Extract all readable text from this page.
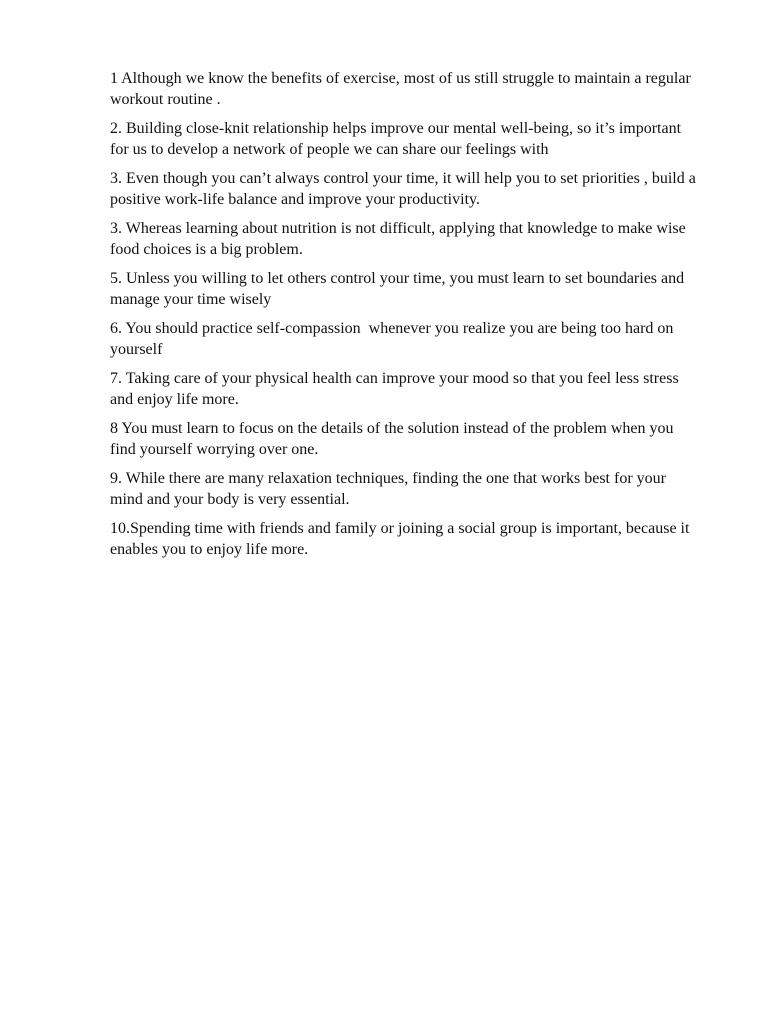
1 Although we know the benefits of exercise, most of us still struggle to maintain a regular workout routine .

2. Building close-knit relationship helps improve our mental well-being, so it’s important for us to develop a network of people we can share our feelings with

3. Even though you can’t always control your time, it will help you to set priorities , build a positive work-life balance and improve your productivity.

3. Whereas learning about nutrition is not difficult, applying that knowledge to make wise food choices is a big problem.

5. Unless you willing to let others control your time, you must learn to set boundaries and manage your time wisely

6. You should practice self-compassion  whenever you realize you are being too hard on yourself

7. Taking care of your physical health can improve your mood so that you feel less stress and enjoy life more.

8 You must learn to focus on the details of the solution instead of the problem when you find yourself worrying over one.

9. While there are many relaxation techniques, finding the one that works best for your mind and your body is very essential.

10.Spending time with friends and family or joining a social group is important, because it enables you to enjoy life more.
